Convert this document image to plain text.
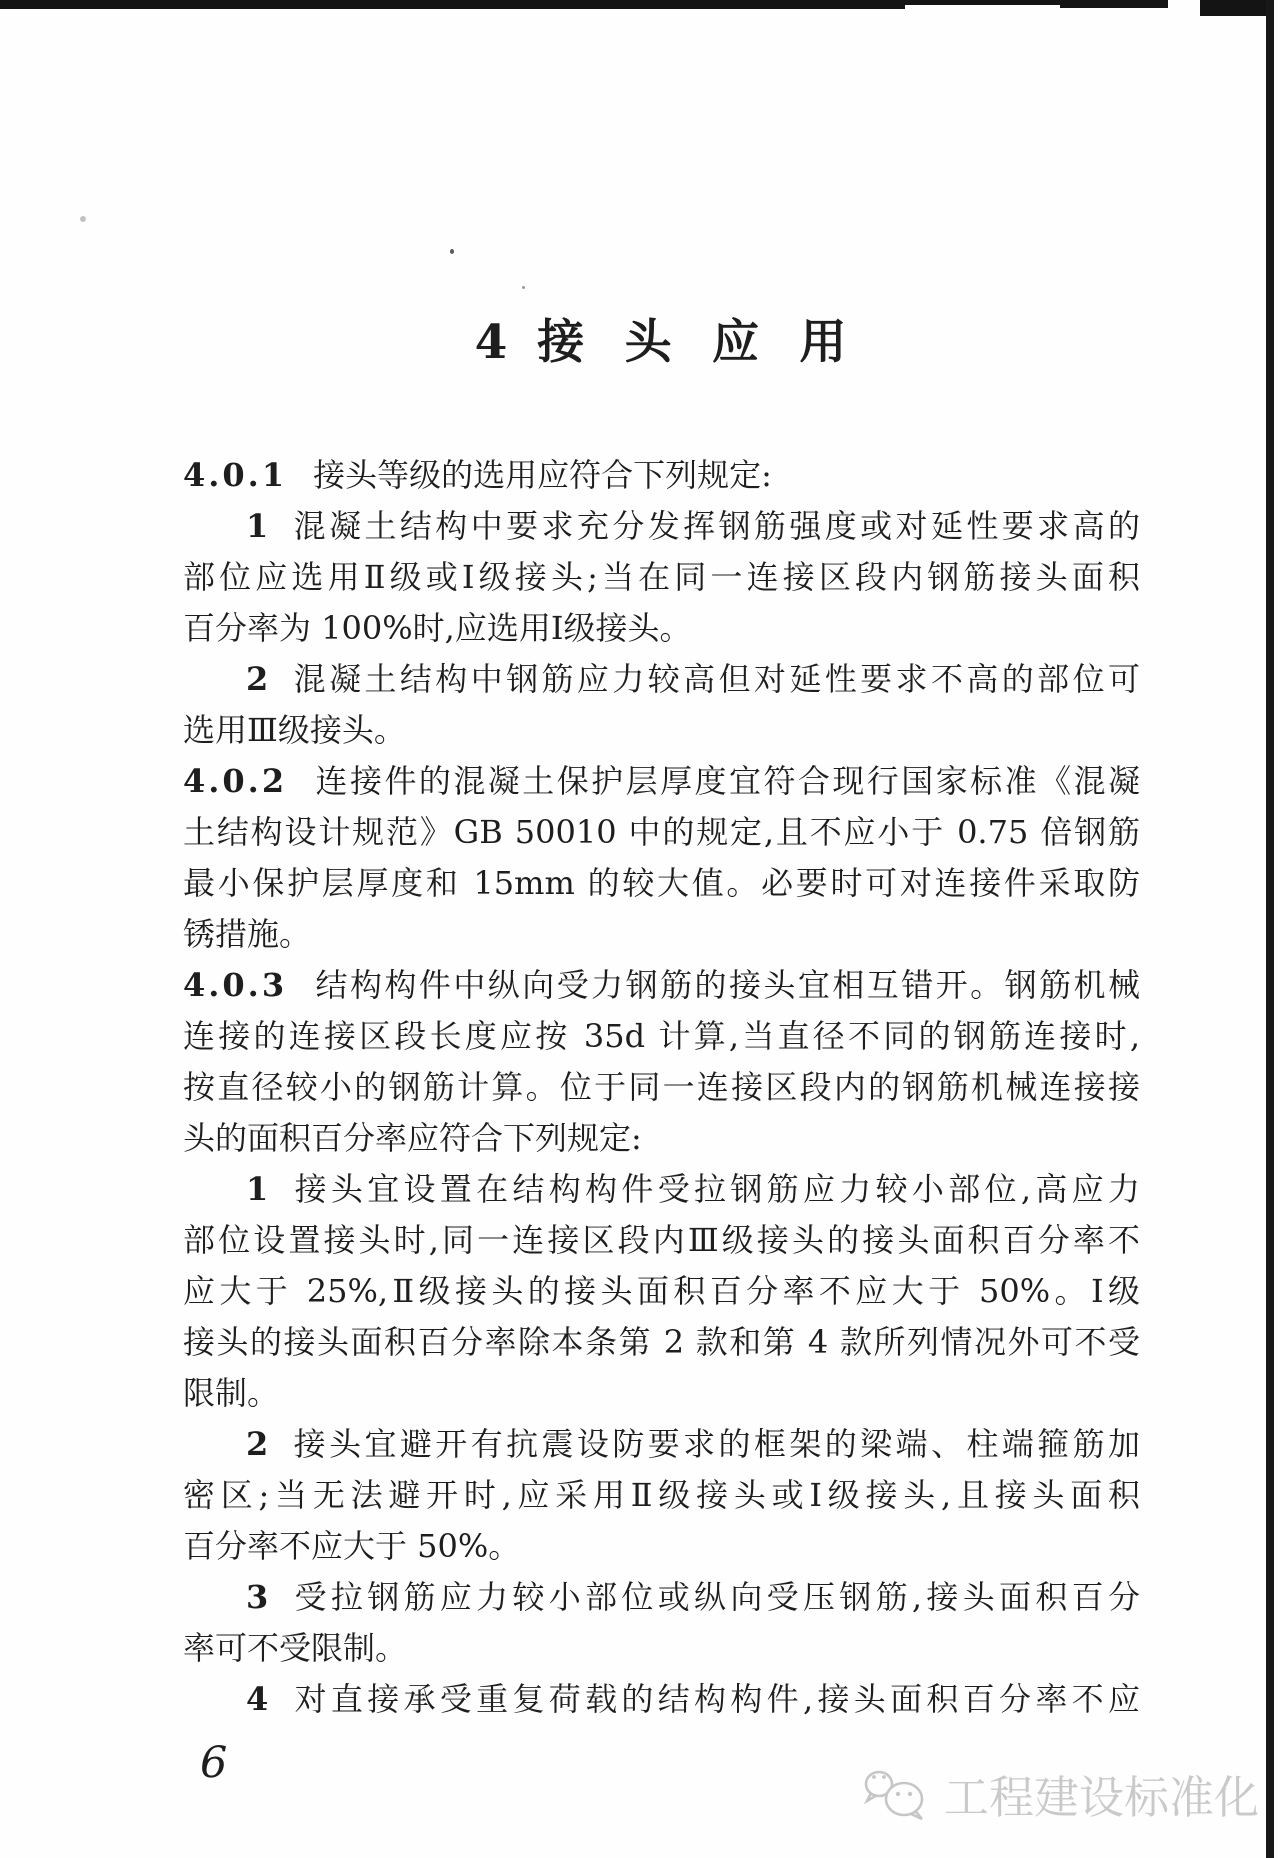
4 接 头 应 用
4.0.1 接头等级的选用应符合下列规定:
1 混凝土结构中要求充分发挥钢筋强度或对延性要求高的
部位应选用Ⅱ级或Ⅰ级接头;当在同一连接区段内钢筋接头面积
百分率为 100%时,应选用Ⅰ级接头。
2 混凝土结构中钢筋应力较高但对延性要求不高的部位可
选用Ⅲ级接头。
4.0.2 连接件的混凝土保护层厚度宜符合现行国家标准《混凝
土结构设计规范》GB 50010 中的规定,且不应小于 0.75 倍钢筋
最小保护层厚度和 15mm 的较大值。必要时可对连接件采取防
锈措施。
4.0.3 结构构件中纵向受力钢筋的接头宜相互错开。钢筋机械
连接的连接区段长度应按 35d 计算,当直径不同的钢筋连接时,
按直径较小的钢筋计算。位于同一连接区段内的钢筋机械连接接
头的面积百分率应符合下列规定:
1 接头宜设置在结构构件受拉钢筋应力较小部位,高应力
部位设置接头时,同一连接区段内Ⅲ级接头的接头面积百分率不
应大于 25%,Ⅱ级接头的接头面积百分率不应大于 50%。Ⅰ级
接头的接头面积百分率除本条第 2 款和第 4 款所列情况外可不受
限制。
2 接头宜避开有抗震设防要求的框架的梁端、柱端箍筋加
密区;当无法避开时,应采用Ⅱ级接头或Ⅰ级接头,且接头面积
百分率不应大于 50%。
3 受拉钢筋应力较小部位或纵向受压钢筋,接头面积百分
率可不受限制。
4 对直接承受重复荷载的结构构件,接头面积百分率不应
6
工程建设标准化
